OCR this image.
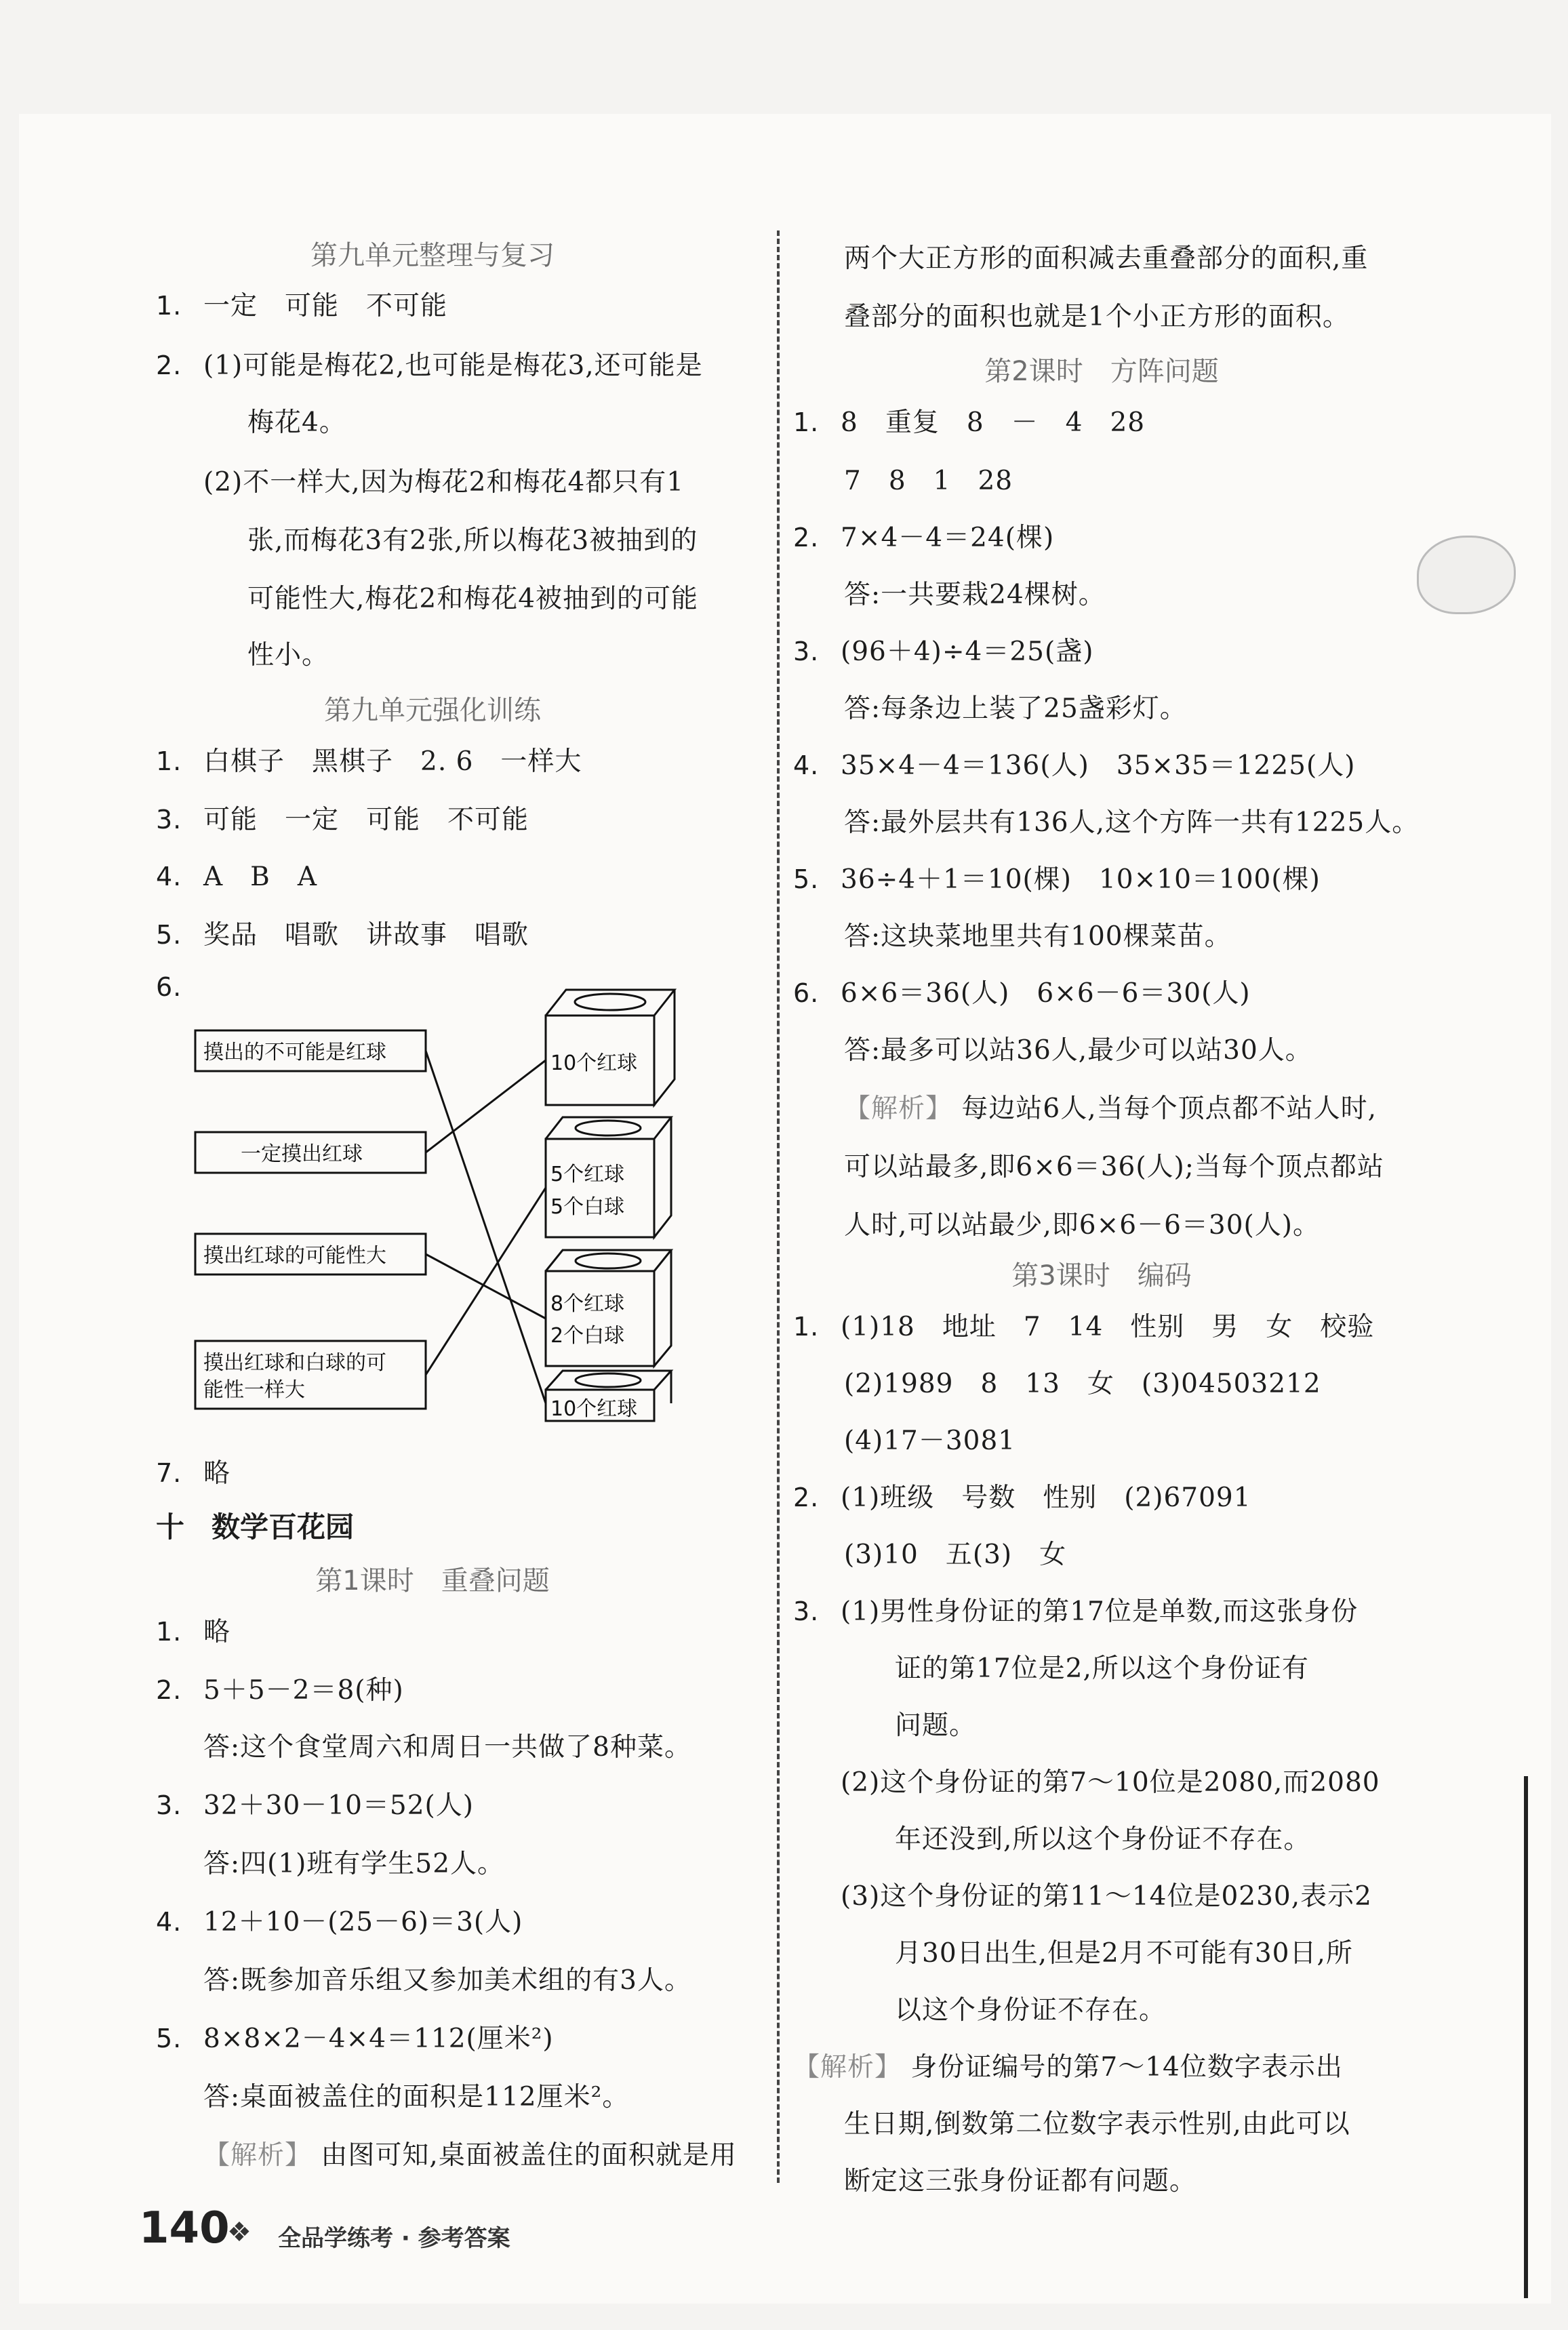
第九单元整理与复习
1. 一定　可能　不可能
2. (1)可能是梅花2,也可能是梅花3,还可能是
梅花4。
(2)不一样大,因为梅花2和梅花4都只有1
张,而梅花3有2张,所以梅花3被抽到的
可能性大,梅花2和梅花4被抽到的可能
性小。
第九单元强化训练
1. 白棋子　黑棋子　2. 6　一样大
3. 可能　一定　可能　不可能
4. A　B　A
5. 奖品　唱歌　讲故事　唱歌
6.
摸出的不可能是红球
一定摸出红球
摸出红球的可能性大
摸出红球和白球的可
能性一样大
10个红球
5个红球
5个白球
8个红球
2个白球
10个红球
7. 略
十 数学百花园
第1课时　重叠问题
1. 略
2. 5＋5－2＝8(种)
答:这个食堂周六和周日一共做了8种菜。
3. 32＋30－10＝52(人)
答:四(1)班有学生52人。
4. 12＋10－(25－6)＝3(人)
答:既参加音乐组又参加美术组的有3人。
5. 8×8×2－4×4＝112(厘米²)
答:桌面被盖住的面积是112厘米²。
【解析】 由图可知,桌面被盖住的面积就是用
两个大正方形的面积减去重叠部分的面积,重
叠部分的面积也就是1个小正方形的面积。
第2课时　方阵问题
1. 8　重复　8　－　4　28
7　8　1　28
2. 7×4－4＝24(棵)
答:一共要栽24棵树。
3. (96＋4)÷4＝25(盏)
答:每条边上装了25盏彩灯。
4. 35×4－4＝136(人)　35×35＝1225(人)
答:最外层共有136人,这个方阵一共有1225人。
5. 36÷4＋1＝10(棵)　10×10＝100(棵)
答:这块菜地里共有100棵菜苗。
6. 6×6＝36(人)　6×6－6＝30(人)
答:最多可以站36人,最少可以站30人。
【解析】 每边站6人,当每个顶点都不站人时,
可以站最多,即6×6＝36(人);当每个顶点都站
人时,可以站最少,即6×6－6＝30(人)。
第3课时　编码
1. (1)18　地址　7　14　性别　男　女　校验
(2)1989　8　13　女　(3)04503212
(4)17－3081
2. (1)班级　号数　性别　(2)67091
(3)10　五(3)　女
3. (1)男性身份证的第17位是单数,而这张身份
证的第17位是2,所以这个身份证有
问题。
(2)这个身份证的第7～10位是2080,而2080
年还没到,所以这个身份证不存在。
(3)这个身份证的第11～14位是0230,表示2
月30日出生,但是2月不可能有30日,所
以这个身份证不存在。
【解析】 身份证编号的第7～14位数字表示出
生日期,倒数第二位数字表示性别,由此可以
断定这三张身份证都有问题。
140
❖ 全品学练考 · 参考答案
